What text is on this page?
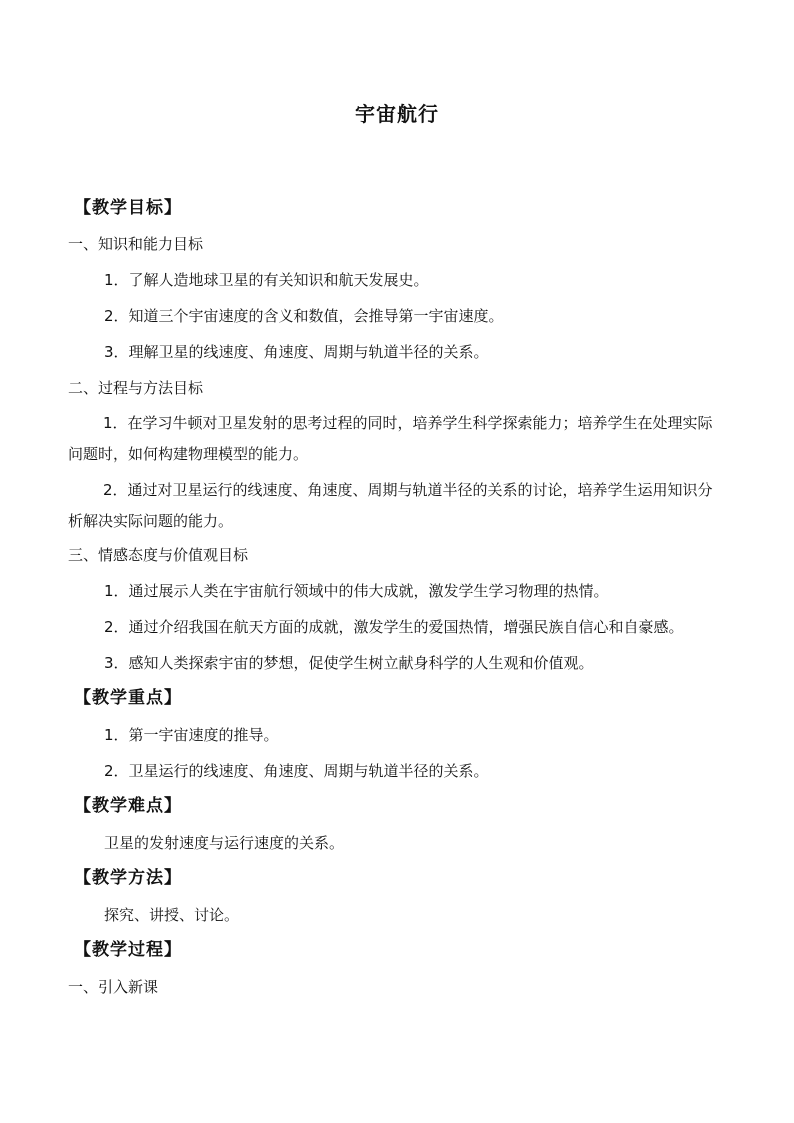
宇宙航行
【教学目标】
一、知识和能力目标
1．了解人造地球卫星的有关知识和航天发展史。
2．知道三个宇宙速度的含义和数值，会推导第一宇宙速度。
3．理解卫星的线速度、角速度、周期与轨道半径的关系。
二、过程与方法目标
1．在学习牛顿对卫星发射的思考过程的同时，培养学生科学探索能力；培养学生在处理实际问题时，如何构建物理模型的能力。
2．通过对卫星运行的线速度、角速度、周期与轨道半径的关系的讨论，培养学生运用知识分析解决实际问题的能力。
三、情感态度与价值观目标
1．通过展示人类在宇宙航行领域中的伟大成就，激发学生学习物理的热情。
2．通过介绍我国在航天方面的成就，激发学生的爱国热情，增强民族自信心和自豪感。
3．感知人类探索宇宙的梦想，促使学生树立献身科学的人生观和价值观。
【教学重点】
1．第一宇宙速度的推导。
2．卫星运行的线速度、角速度、周期与轨道半径的关系。
【教学难点】
卫星的发射速度与运行速度的关系。
【教学方法】
探究、讲授、讨论。
【教学过程】
一、引入新课
